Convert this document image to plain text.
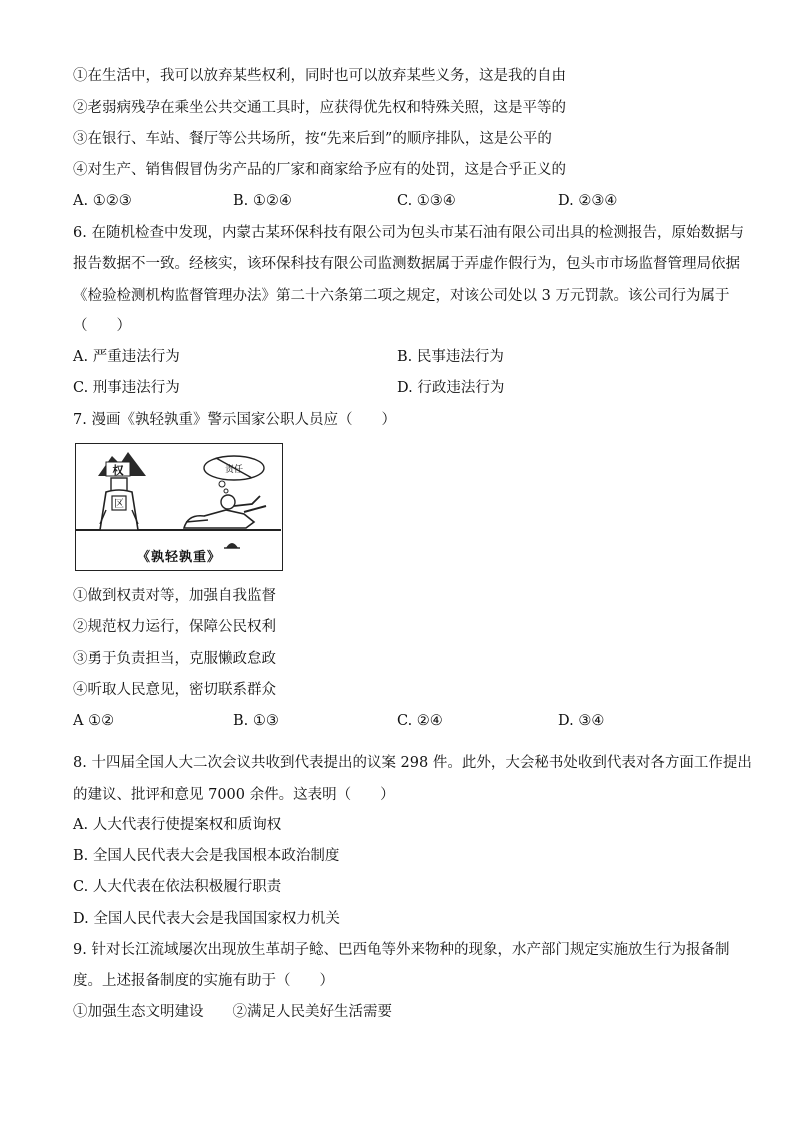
①在生活中，我可以放弃某些权利，同时也可以放弃某些义务，这是我的自由
②老弱病残孕在乘坐公共交通工具时，应获得优先权和特殊关照，这是平等的
③在银行、车站、餐厅等公共场所，按“先来后到”的顺序排队，这是公平的
④对生产、销售假冒伪劣产品的厂家和商家给予应有的处罚，这是合乎正义的
A. ①②③	B. ①②④	C. ①③④	D. ②③④
6. 在随机检查中发现，内蒙古某环保科技有限公司为包头市某石油有限公司出具的检测报告，原始数据与
报告数据不一致。经核实，该环保科技有限公司监测数据属于弄虚作假行为，包头市市场监督管理局依据
《检验检测机构监督管理办法》第二十六条第二项之规定，对该公司处以 3 万元罚款。该公司行为属于
（　　）
A. 严重违法行为	B. 民事违法行为
C. 刑事违法行为	D. 行政违法行为
7. 漫画《孰轻孰重》警示国家公职人员应（　　）
权
区
责任
《孰轻孰重》
①做到权责对等，加强自我监督
②规范权力运行，保障公民权利
③勇于负责担当，克服懒政怠政
④听取人民意见，密切联系群众
A ①②	B. ①③	C. ②④	D. ③④
8. 十四届全国人大二次会议共收到代表提出的议案 298 件。此外，大会秘书处收到代表对各方面工作提出
的建议、批评和意见 7000 余件。这表明（　　）
A. 人大代表行使提案权和质询权
B. 全国人民代表大会是我国根本政治制度
C. 人大代表在依法积极履行职责
D. 全国人民代表大会是我国国家权力机关
9. 针对长江流域屡次出现放生革胡子鲶、巴西龟等外来物种的现象，水产部门规定实施放生行为报备制
度。上述报备制度的实施有助于（　　）
①加强生态文明建设　　②满足人民美好生活需要
